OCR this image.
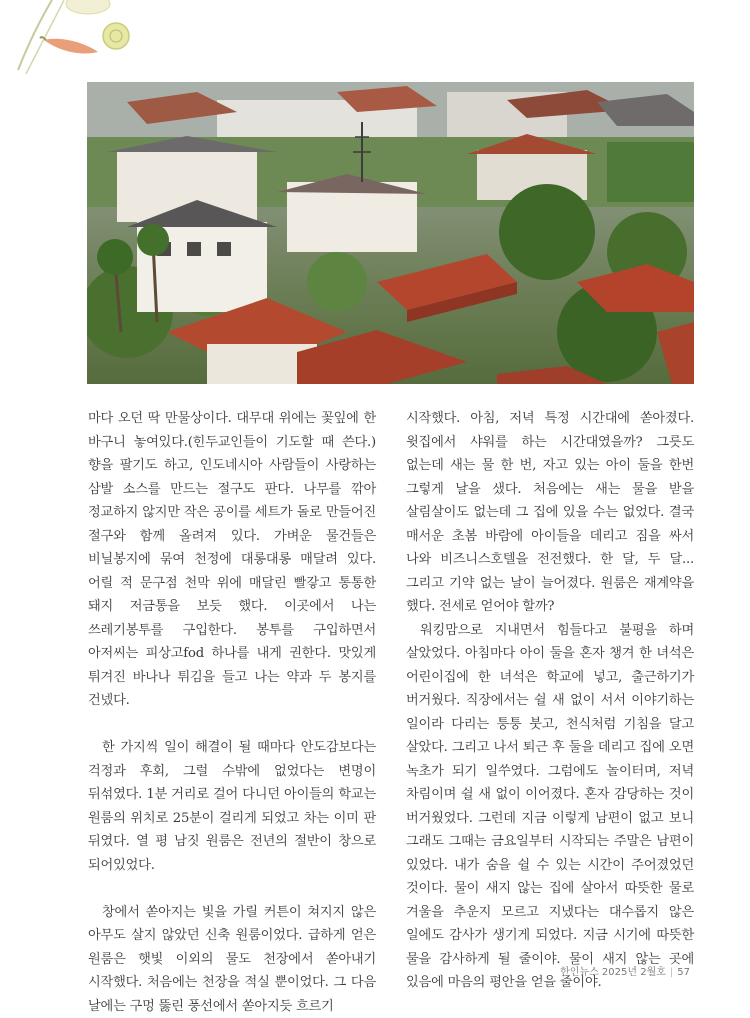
마다 오던 딱 만물상이다. 대무대 위에는 꽃잎에 한 바구니 놓여있다.(힌두교인들이 기도할 때 쓴다.)향을 팔기도 하고, 인도네시아 사람들이 사랑하는 삼발 소스를 만드는 절구도 판다. 나무를 깎아 정교하지 않지만 작은 공이를 세트가 돌로 만들어진 절구와 함께 올려져 있다. 가벼운 물건들은 비닐봉지에 묶여 천정에 대롱대롱 매달려 있다. 어릴 적 문구점 천막 위에 매달린 빨갛고 통통한 돼지 저금통을 보듯 했다. 이곳에서 나는 쓰레기봉투를 구입한다. 봉투를 구입하면서 아저씨는 피상고fod 하나를 내게 권한다. 맛있게 튀겨진 바나나 튀김을 들고 나는 약과 두 봉지를 건넸다.

한 가지씩 일이 해결이 될 때마다 안도감보다는 걱정과 후회, 그럴 수밖에 없었다는 변명이 뒤섞였다. 1분 거리로 걸어 다니던 아이들의 학교는 원룸의 위치로 25분이 걸리게 되었고 차는 이미 판 뒤였다. 열 평 남짓 원룸은 전년의 절반이 창으로 되어있었다.

창에서 쏟아지는 빛을 가릴 커튼이 쳐지지 않은 아무도 살지 않았던 신축 원룸이었다. 급하게 얻은 원룸은 햇빛 이외의 물도 천장에서 쏟아내기 시작했다. 처음에는 천장을 적실 뿐이었다. 그 다음 날에는 구멍 뚫린 풍선에서 쏟아지듯 흐르기

시작했다. 아침, 저녁 특정 시간대에 쏟아졌다. 윗집에서 샤워를 하는 시간대였을까? 그릇도 없는데 새는 물 한 번, 자고 있는 아이 둘을 한번 그렇게 날을 샜다. 처음에는 새는 물을 받을 살림살이도 없는데 그 집에 있을 수는 없었다. 결국 매서운 초봄 바람에 아이들을 데리고 짐을 싸서 나와 비즈니스호텔을 전전했다. 한 달, 두 달... 그리고 기약 없는 날이 늘어졌다. 원룸은 재계약을 했다. 전세로 얻어야 할까?

워킹맘으로 지내면서 힘들다고 불평을 하며 살았었다. 아침마다 아이 둘을 혼자 챙겨 한 녀석은 어린이집에 한 녀석은 학교에 넣고, 출근하기가 버거웠다. 직장에서는 쉴 새 없이 서서 이야기하는 일이라 다리는 퉁퉁 붓고, 천식처럼 기침을 달고 살았다. 그리고 나서 퇴근 후 둘을 데리고 집에 오면 녹초가 되기 일쑤였다. 그럼에도 놀이터며, 저녁 차림이며 쉴 새 없이 이어졌다. 혼자 감당하는 것이 버거웠었다. 그런데 지금 이렇게 남편이 없고 보니 그래도 그때는 금요일부터 시작되는 주말은 남편이 있었다. 내가 숨을 쉴 수 있는 시간이 주어졌었던 것이다. 물이 새지 않는 집에 살아서 따뜻한 물로 겨울을 추운지 모르고 지냈다는 대수롭지 않은 일에도 감사가 생기게 되었다. 지금 시기에 따뜻한 물을 감사하게 될 줄이야. 물이 새지 않는 곳에 있음에 마음의 평안을 얻을 줄이야.

한인뉴스 2025년 2월호 | 57
